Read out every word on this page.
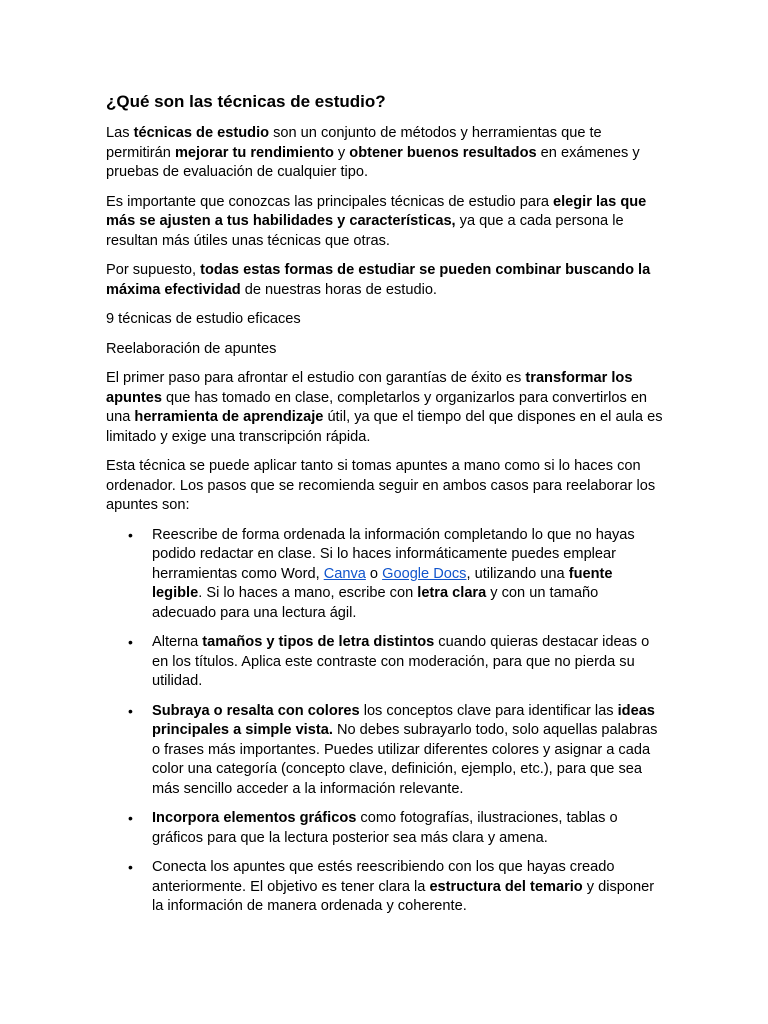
¿Qué son las técnicas de estudio?

Las técnicas de estudio son un conjunto de métodos y herramientas que te permitirán mejorar tu rendimiento y obtener buenos resultados en exámenes y pruebas de evaluación de cualquier tipo.

Es importante que conozcas las principales técnicas de estudio para elegir las que más se ajusten a tus habilidades y características, ya que a cada persona le resultan más útiles unas técnicas que otras.

Por supuesto, todas estas formas de estudiar se pueden combinar buscando la máxima efectividad de nuestras horas de estudio.

9 técnicas de estudio eficaces

Reelaboración de apuntes

El primer paso para afrontar el estudio con garantías de éxito es transformar los apuntes que has tomado en clase, completarlos y organizarlos para convertirlos en una herramienta de aprendizaje útil, ya que el tiempo del que dispones en el aula es limitado y exige una transcripción rápida.

Esta técnica se puede aplicar tanto si tomas apuntes a mano como si lo haces con ordenador. Los pasos que se recomienda seguir en ambos casos para reelaborar los apuntes son:

• Reescribe de forma ordenada la información completando lo que no hayas podido redactar en clase. Si lo haces informáticamente puedes emplear herramientas como Word, Canva o Google Docs, utilizando una fuente legible. Si lo haces a mano, escribe con letra clara y con un tamaño adecuado para una lectura ágil.
• Alterna tamaños y tipos de letra distintos cuando quieras destacar ideas o en los títulos. Aplica este contraste con moderación, para que no pierda su utilidad.
• Subraya o resalta con colores los conceptos clave para identificar las ideas principales a simple vista. No debes subrayarlo todo, solo aquellas palabras o frases más importantes. Puedes utilizar diferentes colores y asignar a cada color una categoría (concepto clave, definición, ejemplo, etc.), para que sea más sencillo acceder a la información relevante.
• Incorpora elementos gráficos como fotografías, ilustraciones, tablas o gráficos para que la lectura posterior sea más clara y amena.
• Conecta los apuntes que estés reescribiendo con los que hayas creado anteriormente. El objetivo es tener clara la estructura del temario y disponer la información de manera ordenada y coherente.
